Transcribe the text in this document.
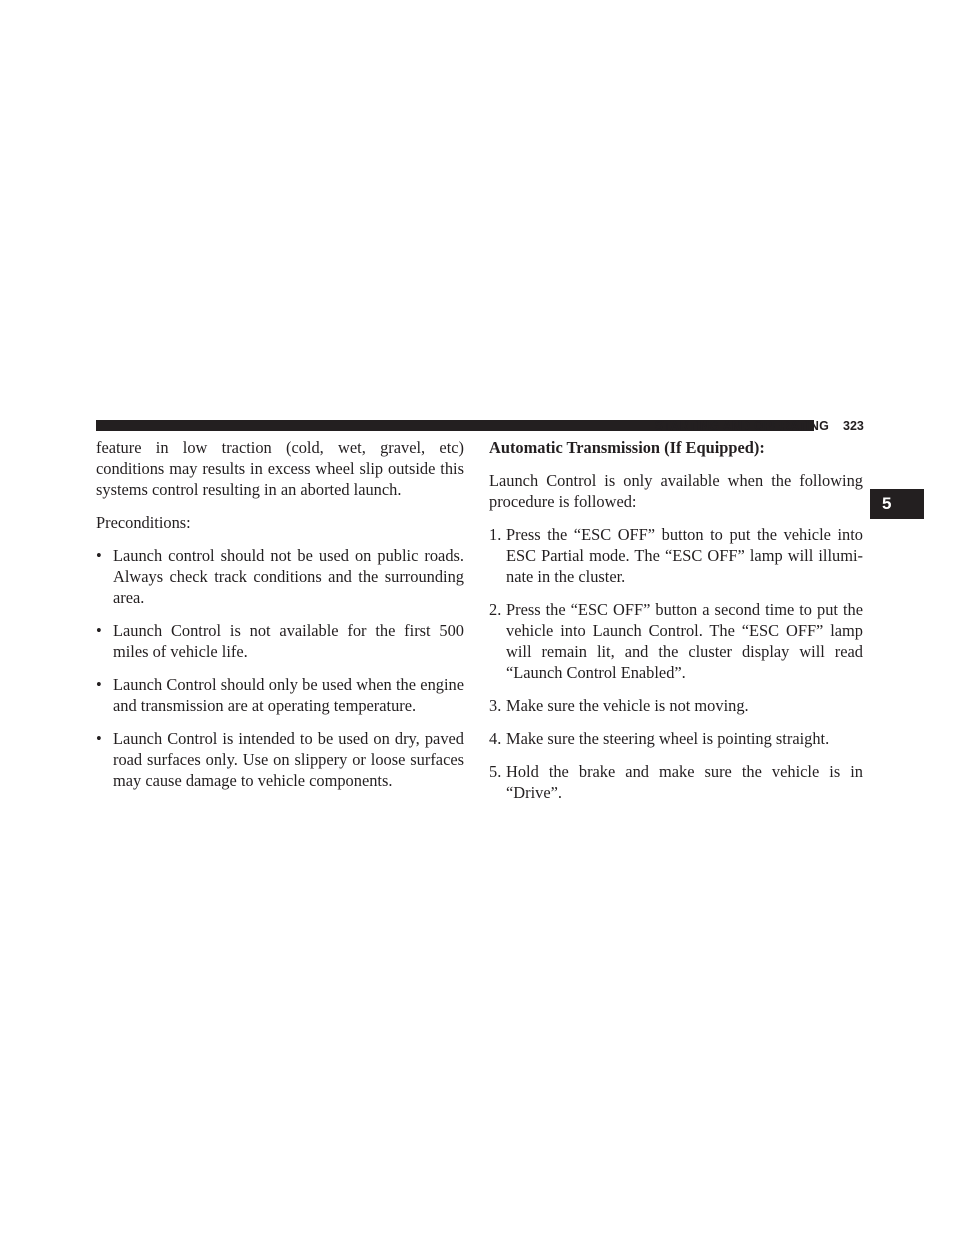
STARTING AND OPERATING 323
5

feature in low traction (cold, wet, gravel, etc) conditions may results in excess wheel slip outside this systems control resulting in an aborted launch.

Preconditions:

• Launch control should not be used on public roads. Always check track conditions and the surrounding area.
• Launch Control is not available for the first 500 miles of vehicle life.
• Launch Control should only be used when the engine and transmission are at operating temperature.
• Launch Control is intended to be used on dry, paved road surfaces only. Use on slippery or loose surfaces may cause damage to vehicle components.

Automatic Transmission (If Equipped):

Launch Control is only available when the following procedure is followed:

1. Press the “ESC OFF” button to put the vehicle into ESC Partial mode. The “ESC OFF” lamp will illumi-nate in the cluster.
2. Press the “ESC OFF” button a second time to put the vehicle into Launch Control. The “ESC OFF” lamp will remain lit, and the cluster display will read “Launch Control Enabled”.
3. Make sure the vehicle is not moving.
4. Make sure the steering wheel is pointing straight.
5. Hold the brake and make sure the vehicle is in “Drive”.
